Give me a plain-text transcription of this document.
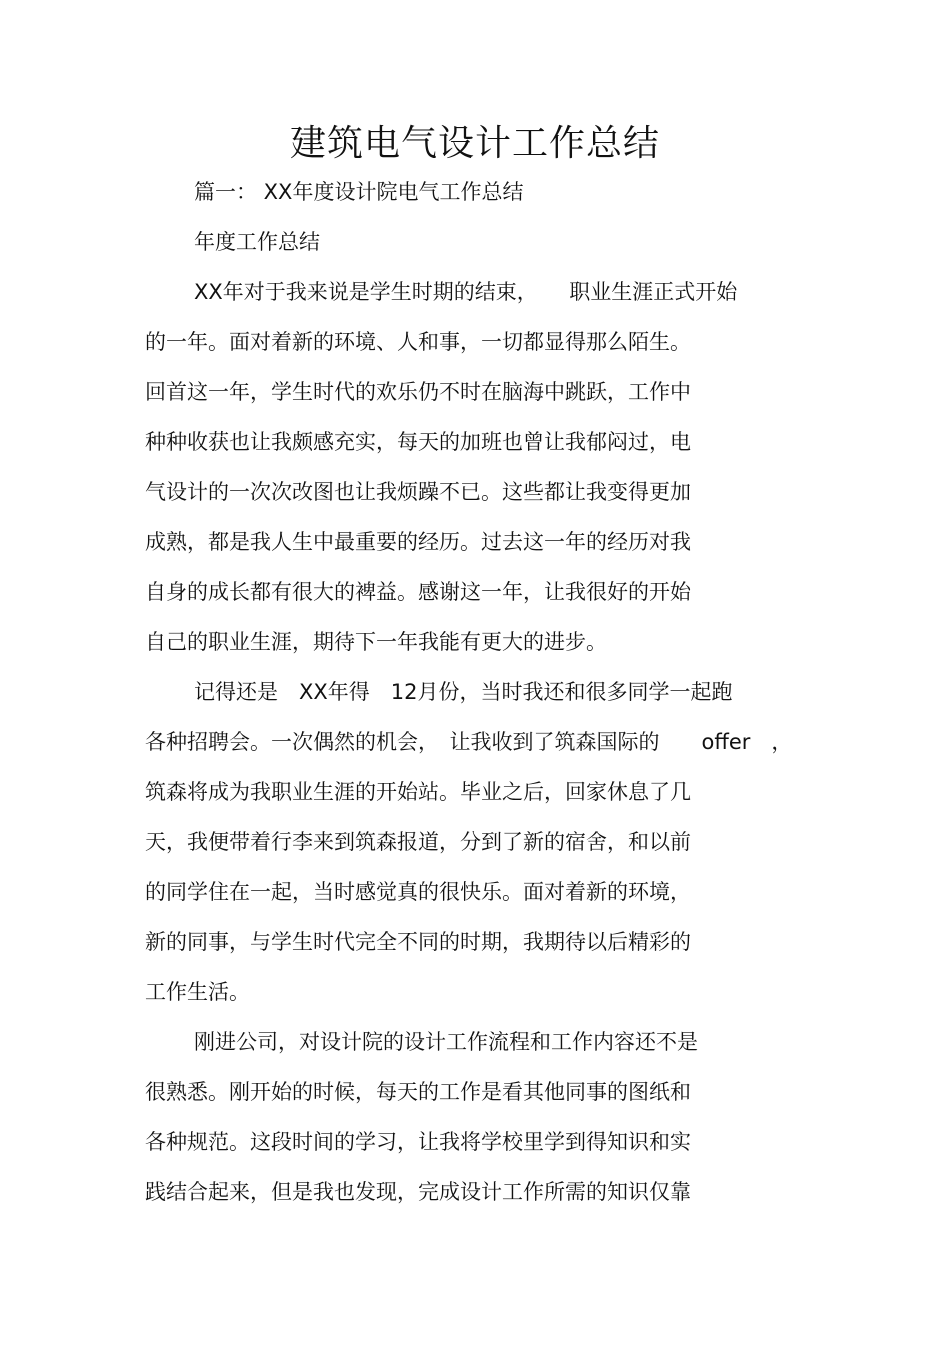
建筑电气设计工作总结
篇一： XX年度设计院电气工作总结
年度工作总结
XX年对于我来说是学生时期的结束，　　职业生涯正式开始
的一年。面对着新的环境、人和事，一切都显得那么陌生。
回首这一年，学生时代的欢乐仍不时在脑海中跳跃，工作中
种种收获也让我颇感充实，每天的加班也曾让我郁闷过，电
气设计的一次次改图也让我烦躁不已。这些都让我变得更加
成熟，都是我人生中最重要的经历。过去这一年的经历对我
自身的成长都有很大的裨益。感谢这一年，让我很好的开始
自己的职业生涯，期待下一年我能有更大的进步。
记得还是　XX年得　12月份，当时我还和很多同学一起跑
各种招聘会。一次偶然的机会，　让我收到了筑森国际的　　offer　，
筑森将成为我职业生涯的开始站。毕业之后，回家休息了几
天，我便带着行李来到筑森报道，分到了新的宿舍，和以前
的同学住在一起，当时感觉真的很快乐。面对着新的环境，
新的同事，与学生时代完全不同的时期，我期待以后精彩的
工作生活。
刚进公司，对设计院的设计工作流程和工作内容还不是
很熟悉。刚开始的时候，每天的工作是看其他同事的图纸和
各种规范。这段时间的学习，让我将学校里学到得知识和实
践结合起来，但是我也发现，完成设计工作所需的知识仅靠
